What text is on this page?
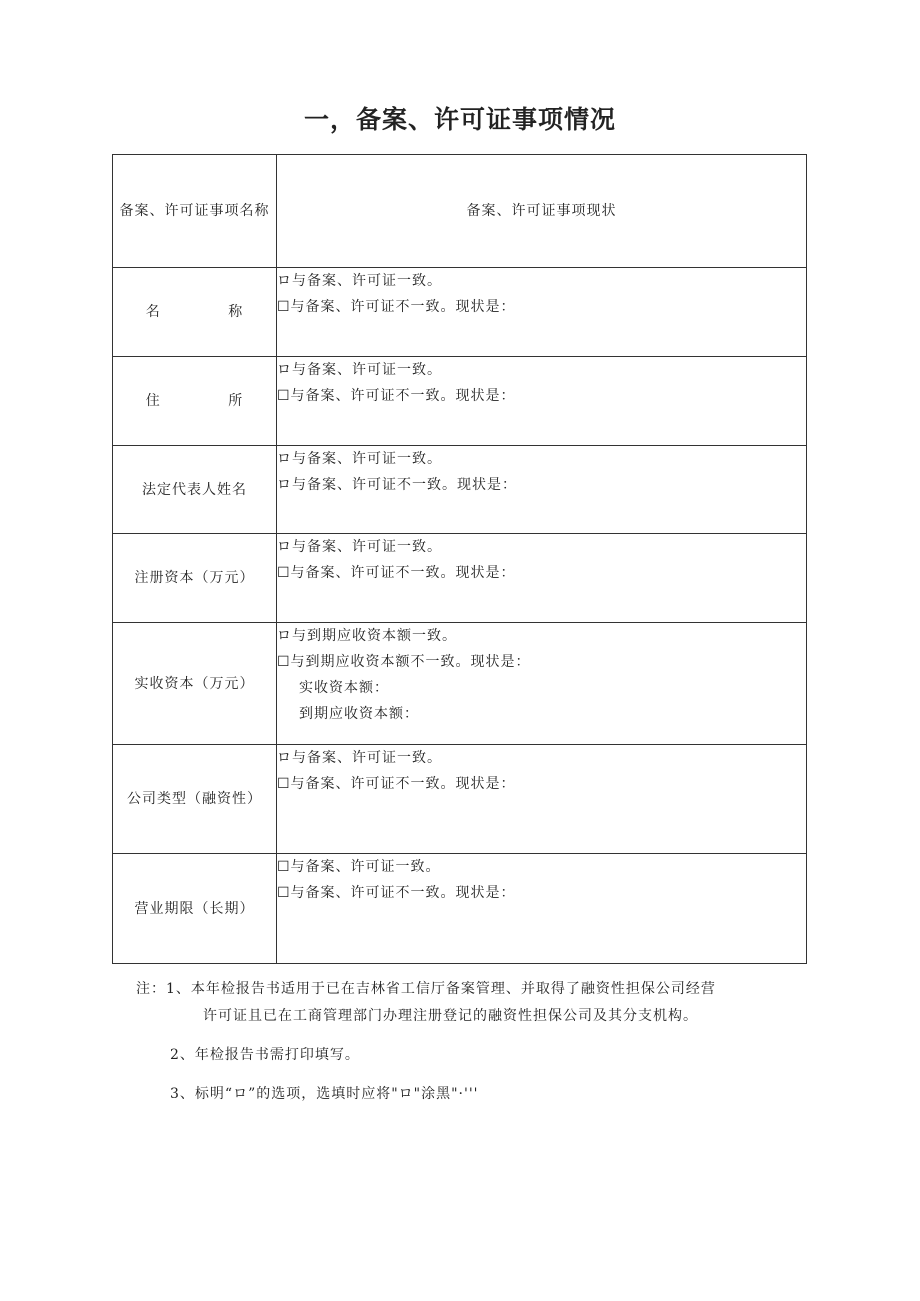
一，备案、许可证事项情况
备案、许可证事项名称	备案、许可证事项现状
名 称	ロ与备案、许可证一致。
☐与备案、许可证不一致。现状是：

住 所	ロ与备案、许可证一致。
☐与备案、许可证不一致。现状是：

法定代表人姓名	ロ与备案、许可证一致。
ロ与备案、许可证不一致。现状是：

注册资本（万元）	ロ与备案、许可证一致。
☐与备案、许可证不一致。现状是：

实收资本（万元）	ロ与到期应收资本额一致。
☐与到期应收资本额不一致。现状是：
实收资本额：
到期应收资本额：

公司类型（融资性）	ロ与备案、许可证一致。
☐与备案、许可证不一致。现状是：

营业期限（长期）	☐与备案、许可证一致。
☐与备案、许可证不一致。现状是：
注：1、本年检报告书适用于已在吉林省工信厅备案管理、并取得了融资性担保公司经营
许可证且已在工商管理部门办理注册登记的融资性担保公司及其分支机构。
2、年检报告书需打印填写。
3、标明“ロ”的选项，选填时应将"ロ"涂黑"·'''
